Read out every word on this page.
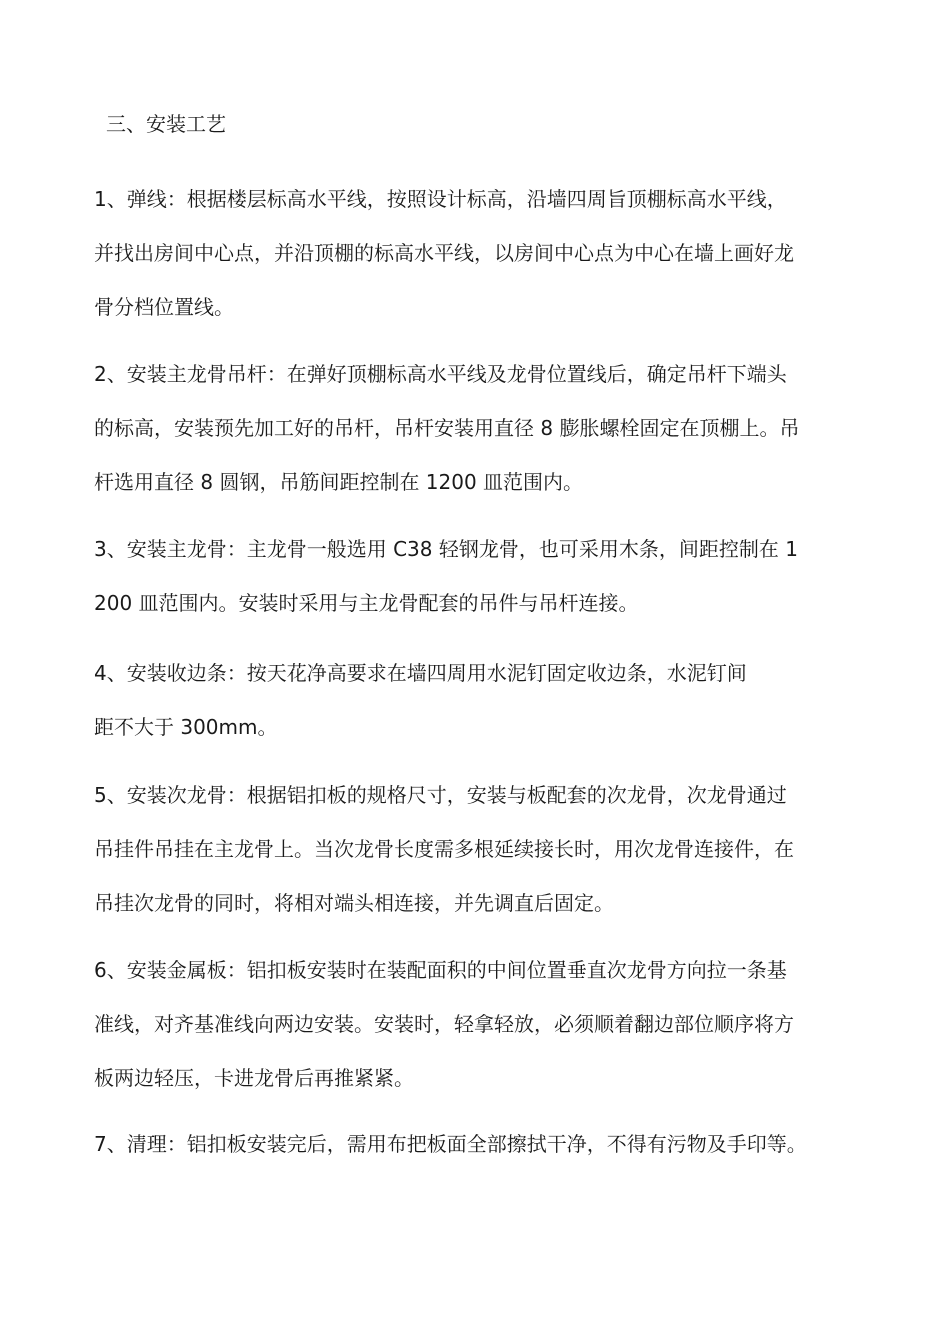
三、安装工艺
1、弹线：根据楼层标高水平线，按照设计标高，沿墙四周旨顶棚标高水平线，
并找出房间中心点，并沿顶棚的标高水平线，以房间中心点为中心在墙上画好龙
骨分档位置线。
2、安装主龙骨吊杆：在弹好顶棚标高水平线及龙骨位置线后，确定吊杆下端头
的标高，安装预先加工好的吊杆，吊杆安装用直径 8 膨胀螺栓固定在顶棚上。吊
杆选用直径 8 圆钢，吊筋间距控制在 1200 皿范围内。
3、安装主龙骨：主龙骨一般选用 C38 轻钢龙骨，也可采用木条，间距控制在 1
200 皿范围内。安装时采用与主龙骨配套的吊件与吊杆连接。
4、安装收边条：按天花净高要求在墙四周用水泥钉固定收边条，水泥钉间
距不大于 300mm。
5、安装次龙骨：根据铝扣板的规格尺寸，安装与板配套的次龙骨，次龙骨通过
吊挂件吊挂在主龙骨上。当次龙骨长度需多根延续接长时，用次龙骨连接件，在
吊挂次龙骨的同时，将相对端头相连接，并先调直后固定。
6、安装金属板：铝扣板安装时在装配面积的中间位置垂直次龙骨方向拉一条基
准线，对齐基准线向两边安装。安装时，轻拿轻放，必须顺着翻边部位顺序将方
板两边轻压，卡进龙骨后再推紧紧。
7、清理：铝扣板安装完后，需用布把板面全部擦拭干净，不得有污物及手印等。
